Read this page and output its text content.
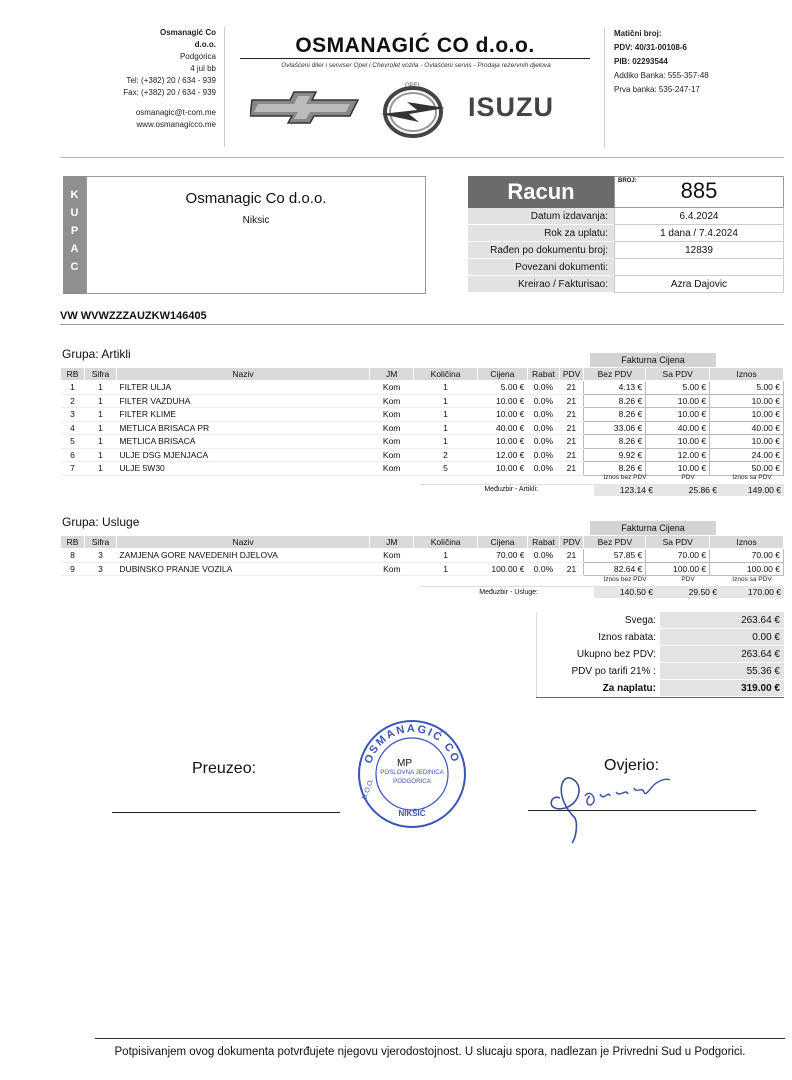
Osmanagić Co
d.o.o.
Podgorica
4 jul bb
Tel: (+382) 20 / 634 - 939
Fax: (+382) 20 / 634 - 939
osmanagic@t-com.me
www.osmanagicco.me
OSMANAGIĆ CO d.o.o.
Ovlašćeni diler i serviser Opel i Chevrolet vozila - Ovlašćeni servis - Prodaja rezervnih djelova
OPEL
ISUZU
Matični broj:
PDV: 40/31-00108-6
PIB: 02293544
Addiko Banka: 555-357-48
Prva banka: 535-247-17
K
U
P
A
C
Osmanagic Co d.o.o.
Niksic
Racun	BROJ:	885
Datum izdavanja:	6.4.2024
Rok za uplatu:	1 dana / 7.4.2024
Rađen po dokumentu broj:	12839
Povezani dokumenti:
Kreirao / Fakturisao:	Azra Dajovic
VW WVWZZZAUZKW146405
Grupa: Artikli	Fakturna Cijena
RB	Sifra	Naziv	JM	Količina	Cijena	Rabat	PDV	Bez PDV	Sa PDV	Iznos
1	1	FILTER ULJA	Kom	1	5.00 €	0.0%	21	4.13 €	5.00 €	5.00 €
2	1	FILTER VAZDUHA	Kom	1	10.00 €	0.0%	21	8.26 €	10.00 €	10.00 €
3	1	FILTER KLIME	Kom	1	10.00 €	0.0%	21	8.26 €	10.00 €	10.00 €
4	1	METLICA BRISACA PR	Kom	1	40.00 €	0.0%	21	33.06 €	40.00 €	40.00 €
5	1	METLICA BRISACA	Kom	1	10.00 €	0.0%	21	8.26 €	10.00 €	10.00 €
6	1	ULJE DSG MJENJACA	Kom	2	12.00 €	0.0%	21	9.92 €	12.00 €	24.00 €
7	1	ULJE 5W30	Kom	5	10.00 €	0.0%	21	8.26 €	10.00 €	50.00 €
Iznos bez PDV	PDV	Iznos sa PDV
Međuzbir - Artikli:	123.14 €	25.86 €	149.00 €
Grupa: Usluge	Fakturna Cijena
RB	Sifra	Naziv	JM	Količina	Cijena	Rabat	PDV	Bez PDV	Sa PDV	Iznos
8	3	ZAMJENA GORE NAVEDENIH DJELOVA	Kom	1	70.00 €	0.0%	21	57.85 €	70.00 €	70.00 €
9	3	DUBINSKO PRANJE VOZILA	Kom	1	100.00 €	0.0%	21	82.64 €	100.00 €	100.00 €
Iznos bez PDV	PDV	Iznos sa PDV
Međuzbir - Usluge:	140.50 €	29.50 €	170.00 €
Svega:	263.64 €
Iznos rabata:	0.00 €
Ukupno bez PDV:	263.64 €
PDV po tarifi 21% :	55.36 €
Za naplatu:	319.00 €
Preuzeo:
OSMANAGIĆ CO
NIKŠIĆ
D.O.O.
POSLOVNA JEDINICA
PODGORICA
MP	Ovjerio:
Potpisivanjem ovog dokumenta potvrđujete njegovu vjerodostojnost. U slucaju spora, nadlezan je Privredni Sud u Podgorici.
